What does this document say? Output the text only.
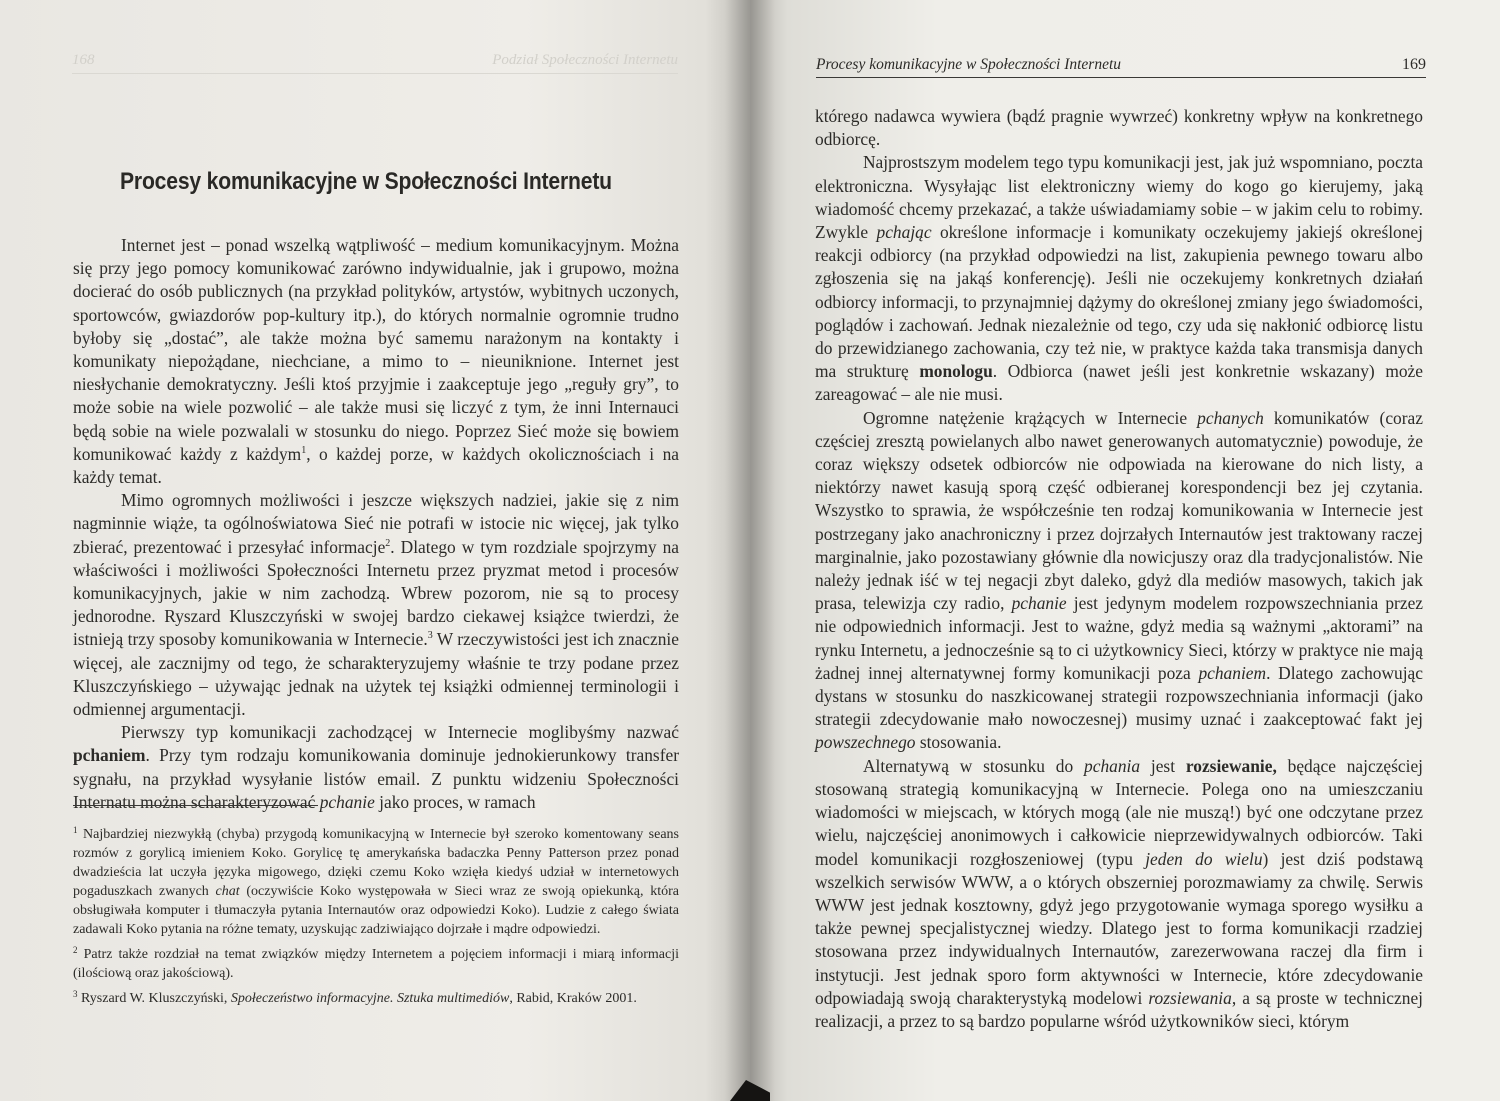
168	Podział Społeczności Internetu
Procesy komunikacyjne w Społeczności Internetu

Internet jest – ponad wszelką wątpliwość – medium komunikacyjnym. Można się przy jego pomocy komunikować zarówno indywidualnie, jak i grupowo, można docierać do osób publicznych (na przykład polityków, artystów, wybitnych uczonych, sportowców, gwiazdorów pop-kultury itp.), do których normalnie ogromnie trudno byłoby się „dostać”, ale także można być samemu narażonym na kontakty i komunikaty niepożądane, niechciane, a mimo to – nieuniknione. Internet jest niesłychanie demokratyczny. Jeśli ktoś przyjmie i zaakceptuje jego „reguły gry”, to może sobie na wiele pozwolić – ale także musi się liczyć z tym, że inni Internauci będą sobie na wiele pozwalali w stosunku do niego. Poprzez Sieć może się bowiem komunikować każdy z każdym$^1$, o każdej porze, w każdych okolicznościach i na każdy temat.

Mimo ogromnych możliwości i jeszcze większych nadziei, jakie się z nim nagminnie wiąże, ta ogólnoświatowa Sieć nie potrafi w istocie nic więcej, jak tylko zbierać, prezentować i przesyłać informacje$^2$. Dlatego w tym rozdziale spojrzymy na właściwości i możliwości Społeczności Internetu przez pryzmat metod i procesów komunikacyjnych, jakie w nim zachodzą. Wbrew pozorom, nie są to procesy jednorodne. Ryszard Kluszczyński w swojej bardzo ciekawej książce twierdzi, że istnieją trzy sposoby komunikowania w Internecie.$^3$ W rzeczywistości jest ich znacznie więcej, ale zacznijmy od tego, że scharakteryzujemy właśnie te trzy podane przez Kluszczyńskiego – używając jednak na użytek tej książki odmiennej terminologii i odmiennej argumentacji.

Pierwszy typ komunikacji zachodzącej w Internecie moglibyśmy nazwać pchaniem. Przy tym rodzaju komunikowania dominuje jednokierunkowy transfer sygnału, na przykład wysyłanie listów email. Z punktu widzeniu Społeczności Internatu można scharakteryzować pchanie jako proces, w ramach

$^1$ Najbardziej niezwykłą (chyba) przygodą komunikacyjną w Internecie był szeroko komentowany seans rozmów z gorylicą imieniem Koko. Gorylicę tę amerykańska badaczka Penny Patterson przez ponad dwadzieścia lat uczyła języka migowego, dzięki czemu Koko wzięła kiedyś udział w internetowych pogaduszkach zwanych chat (oczywiście Koko występowała w Sieci wraz ze swoją opiekunką, która obsługiwała komputer i tłumaczyła pytania Internautów oraz odpowiedzi Koko). Ludzie z całego świata zadawali Koko pytania na różne tematy, uzyskując zadziwiająco dojrzałe i mądre odpowiedzi.

$^2$ Patrz także rozdział na temat związków między Internetem a pojęciem informacji i miarą informacji (ilościową oraz jakościową).

$^3$ Ryszard W. Kluszczyński, Społeczeństwo informacyjne. Sztuka multimediów, Rabid, Kraków 2001.

Procesy komunikacyjne w Społeczności Internetu	169

którego nadawca wywiera (bądź pragnie wywrzeć) konkretny wpływ na konkretnego odbiorcę.

Najprostszym modelem tego typu komunikacji jest, jak już wspomniano, poczta elektroniczna. Wysyłając list elektroniczny wiemy do kogo go kierujemy, jaką wiadomość chcemy przekazać, a także uświadamiamy sobie – w jakim celu to robimy. Zwykle pchając określone informacje i komunikaty oczekujemy jakiejś określonej reakcji odbiorcy (na przykład odpowiedzi na list, zakupienia pewnego towaru albo zgłoszenia się na jakąś konferencję). Jeśli nie oczekujemy konkretnych działań odbiorcy informacji, to przynajmniej dążymy do określonej zmiany jego świadomości, poglądów i zachowań. Jednak niezależnie od tego, czy uda się nakłonić odbiorcę listu do przewidzianego zachowania, czy też nie, w praktyce każda taka transmisja danych ma strukturę monologu. Odbiorca (nawet jeśli jest konkretnie wskazany) może zareagować – ale nie musi.

Ogromne natężenie krążących w Internecie pchanych komunikatów (coraz częściej zresztą powielanych albo nawet generowanych automatycznie) powoduje, że coraz większy odsetek odbiorców nie odpowiada na kierowane do nich listy, a niektórzy nawet kasują sporą część odbieranej korespondencji bez jej czytania. Wszystko to sprawia, że współcześnie ten rodzaj komunikowania w Internecie jest postrzegany jako anachroniczny i przez dojrzałych Internautów jest traktowany raczej marginalnie, jako pozostawiany głównie dla nowicjuszy oraz dla tradycjonalistów. Nie należy jednak iść w tej negacji zbyt daleko, gdyż dla mediów masowych, takich jak prasa, telewizja czy radio, pchanie jest jedynym modelem rozpowszechniania przez nie odpowiednich informacji. Jest to ważne, gdyż media są ważnymi „aktorami” na rynku Internetu, a jednocześnie są to ci użytkownicy Sieci, którzy w praktyce nie mają żadnej innej alternatywnej formy komunikacji poza pchaniem. Dlatego zachowując dystans w stosunku do naszkicowanej strategii rozpowszechniania informacji (jako strategii zdecydowanie mało nowoczesnej) musimy uznać i zaakceptować fakt jej powszechnego stosowania.

Alternatywą w stosunku do pchania jest rozsiewanie, będące najczęściej stosowaną strategią komunikacyjną w Internecie. Polega ono na umieszczaniu wiadomości w miejscach, w których mogą (ale nie muszą!) być one odczytane przez wielu, najczęściej anonimowych i całkowicie nieprzewidywalnych odbiorców. Taki model komunikacji rozgłoszeniowej (typu jeden do wielu) jest dziś podstawą wszelkich serwisów WWW, a o których obszerniej porozmawiamy za chwilę. Serwis WWW jest jednak kosztowny, gdyż jego przygotowanie wymaga sporego wysiłku a także pewnej specjalistycznej wiedzy. Dlatego jest to forma komunikacji rzadziej stosowana przez indywidualnych Internautów, zarezerwowana raczej dla firm i instytucji. Jest jednak sporo form aktywności w Internecie, które zdecydowanie odpowiadają swoją charakterystyką modelowi rozsiewania, a są proste w technicznej realizacji, a przez to są bardzo popularne wśród użytkowników sieci, którym
